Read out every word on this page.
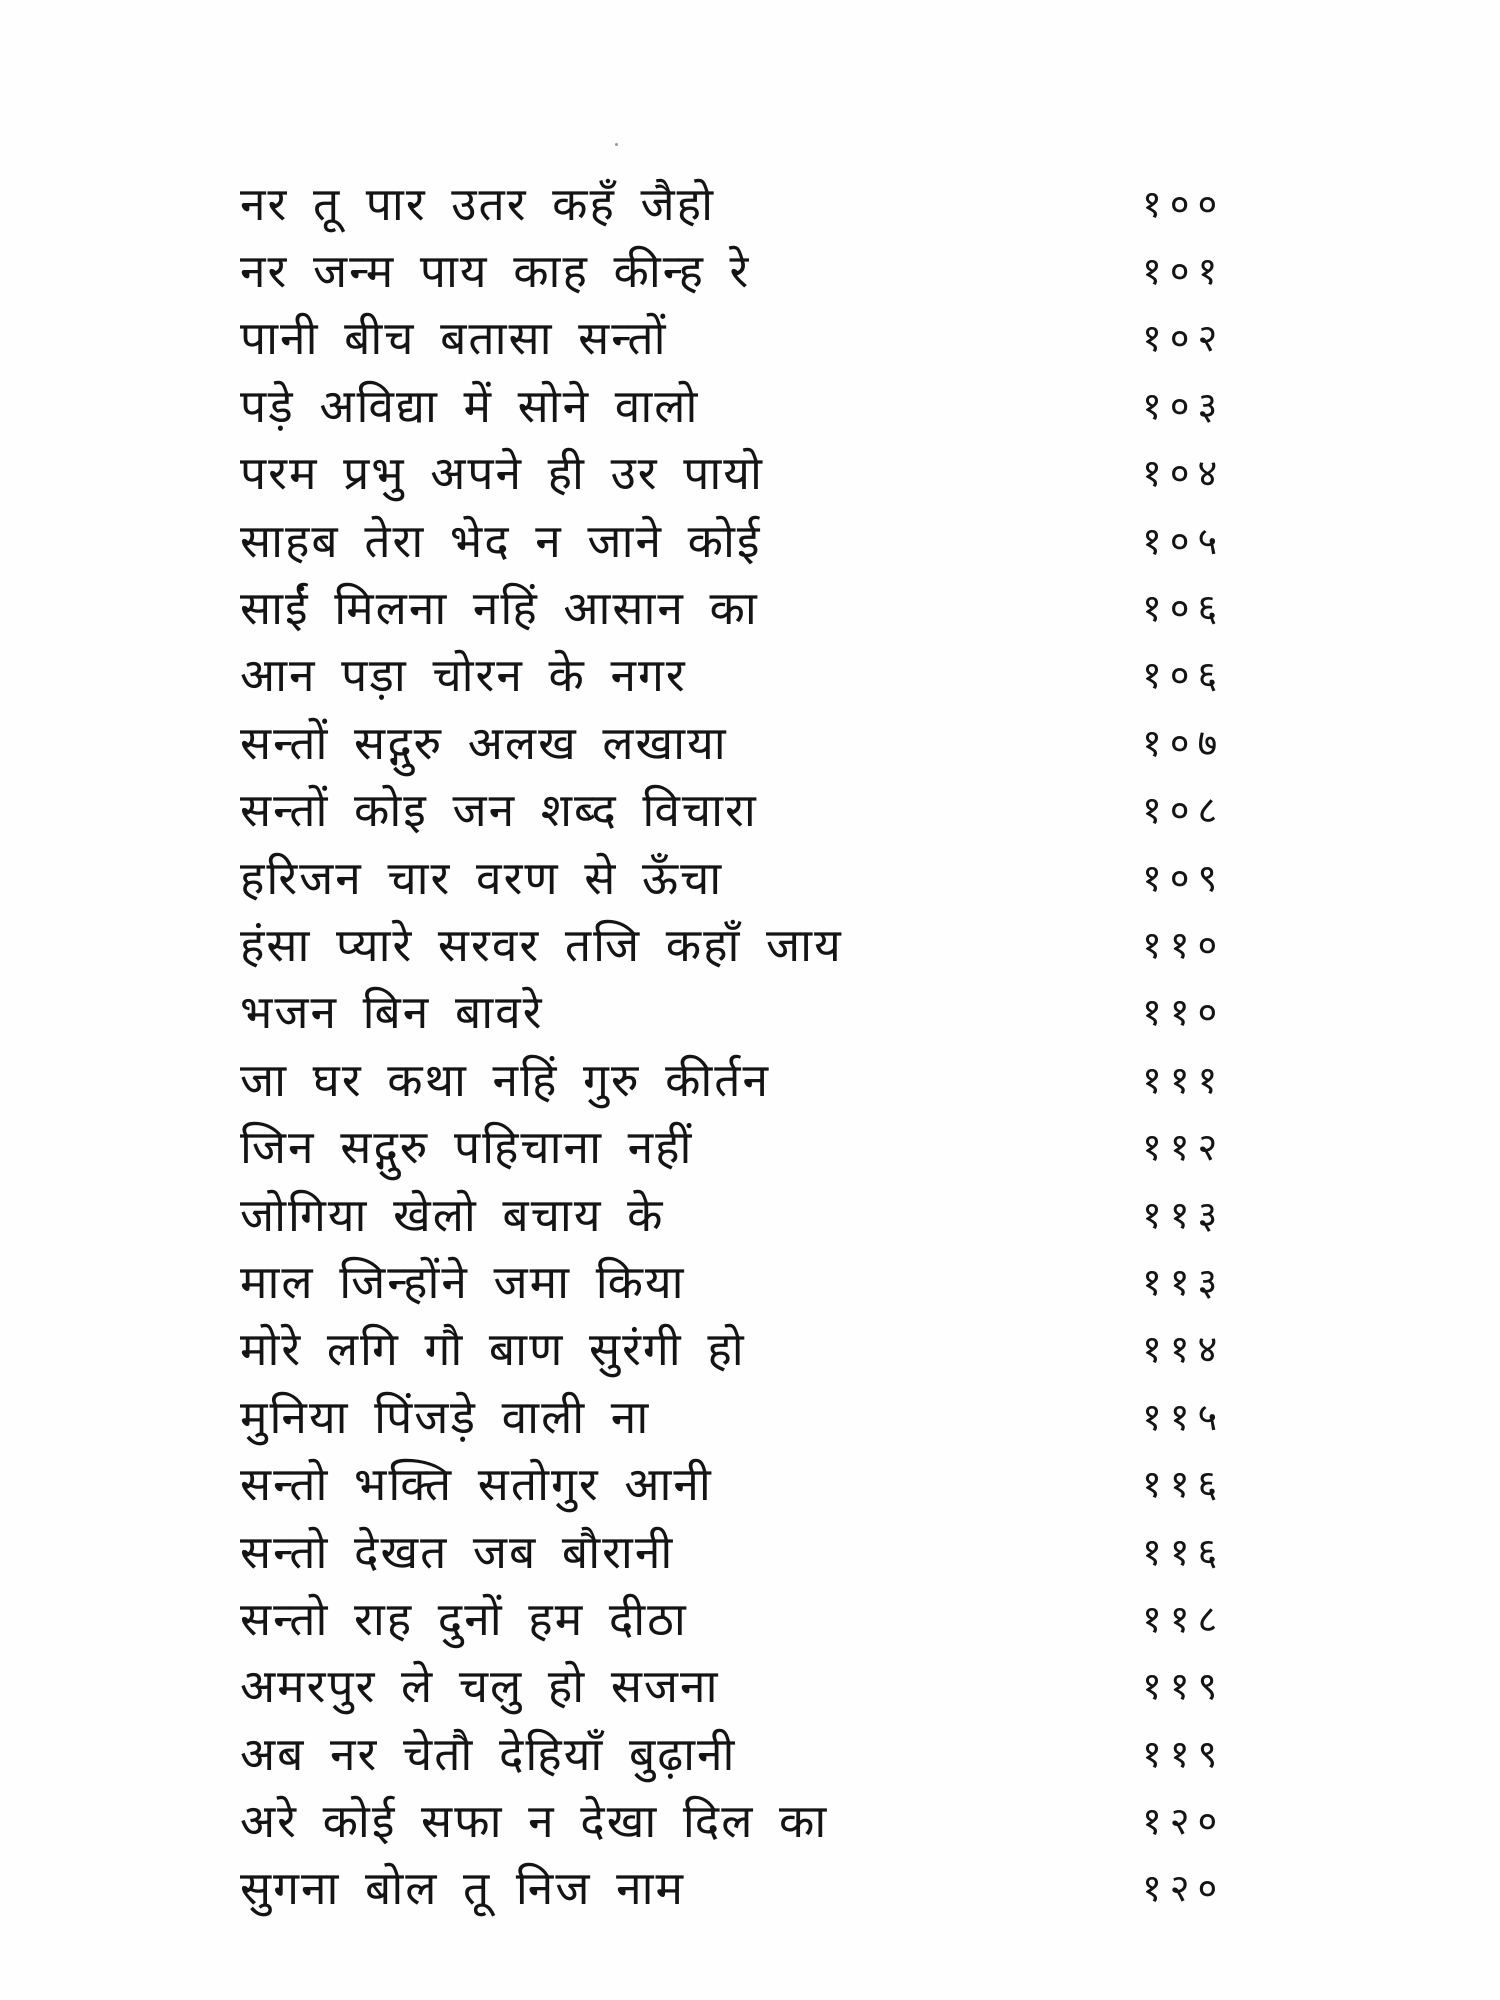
नर तू पार उतर कहँ जैहो	१००
नर जन्म पाय काह कीन्ह रे	१०१
पानी बीच बतासा सन्तों	१०२
पड़े अविद्या में सोने वालो	१०३
परम प्रभु अपने ही उर पायो	१०४
साहब तेरा भेद न जाने कोई	१०५
साईं मिलना नहिं आसान का	१०६
आन पड़ा चोरन के नगर	१०६
सन्तों सद्गुरु अलख लखाया	१०७
सन्तों कोइ जन शब्द विचारा	१०८
हरिजन चार वरण से ऊँचा	१०९
हंसा प्यारे सरवर तजि कहाँ जाय	११०
भजन बिन बावरे	११०
जा घर कथा नहिं गुरु कीर्तन	१११
जिन सद्गुरु पहिचाना नहीं	११२
जोगिया खेलो बचाय के	११३
माल जिन्होंने जमा किया	११३
मोरे लगि गौ बाण सुरंगी हो	११४
मुनिया पिंजड़े वाली ना	११५
सन्तो भक्ति सतोगुर आनी	११६
सन्तो देखत जब बौरानी	११६
सन्तो राह दुनों हम दीठा	११८
अमरपुर ले चलु हो सजना	११९
अब नर चेतौ देहियाँ बुढ़ानी	११९
अरे कोई सफा न देखा दिल का	१२०
सुगना बोल तू निज नाम	१२०
